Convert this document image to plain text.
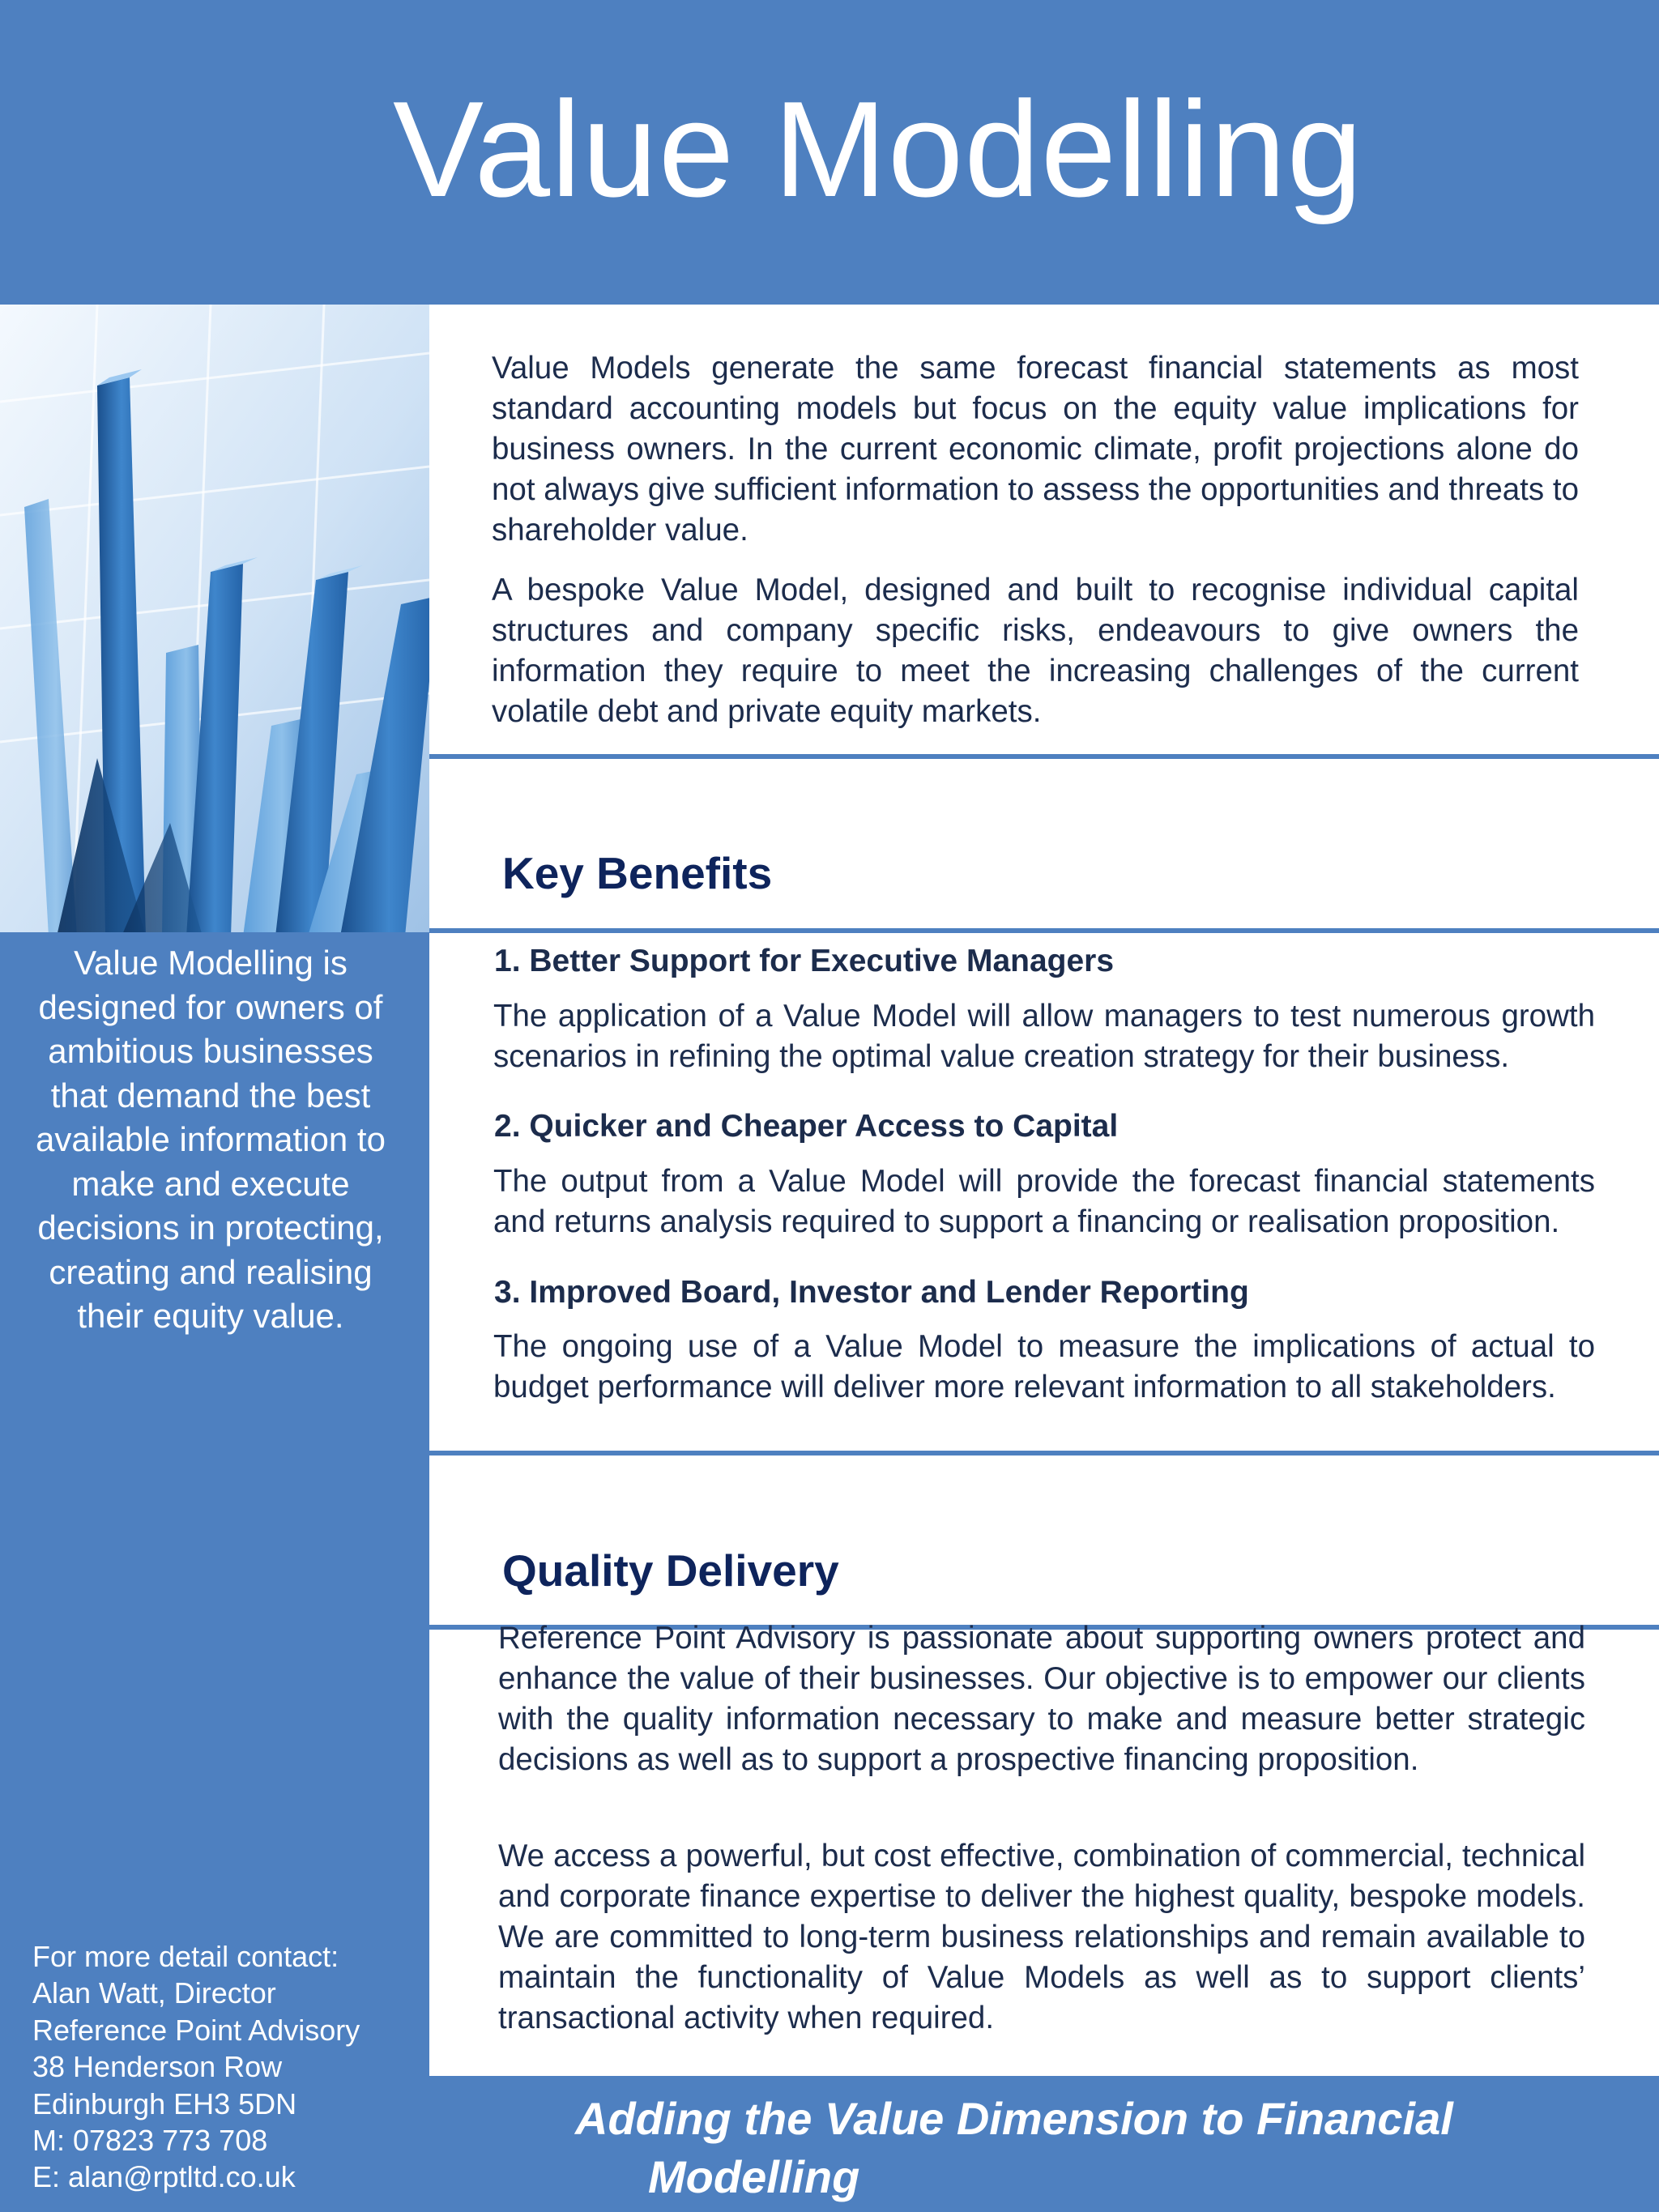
Value Modelling

Value Modelling is designed for owners of ambitious businesses that demand the best available information to make and execute decisions in protecting, creating and realising their equity value.

For more detail contact:
Alan Watt, Director
Reference Point Advisory
38 Henderson Row
Edinburgh EH3 5DN
M: 07823 773 708
E: alan@rptltd.co.uk

Value Models generate the same forecast financial statements as most standard accounting models but focus on the equity value implications for business owners. In the current economic climate, profit projections alone do not always give sufficient information to assess the opportunities and threats to shareholder value.

A bespoke Value Model, designed and built to recognise individual capital structures and company specific risks, endeavours to give owners the information they require to meet the increasing challenges of the current volatile debt and private equity markets.

Key Benefits
1. Better Support for Executive Managers

The application of a Value Model will allow managers to test numerous growth scenarios in refining the optimal value creation strategy for their business.

2. Quicker and Cheaper Access to Capital

The output from a Value Model will provide the forecast financial statements and returns analysis required to support a financing or realisation proposition.

3. Improved Board, Investor and Lender Reporting

The ongoing use of a Value Model to measure the implications of actual to budget performance will deliver more relevant information to all stakeholders.

Quality Delivery

Reference Point Advisory is passionate about supporting owners protect and enhance the value of their businesses. Our objective is to empower our clients with the quality information necessary to make and measure better strategic decisions as well as to support a prospective financing proposition.

We access a powerful, but cost effective, combination of commercial, technical and corporate finance expertise to deliver the highest quality, bespoke models. We are committed to long-term business relationships and remain available to maintain the functionality of Value Models as well as to support clients’ transactional activity when required.

Adding the Value Dimension to Financial
Modelling
